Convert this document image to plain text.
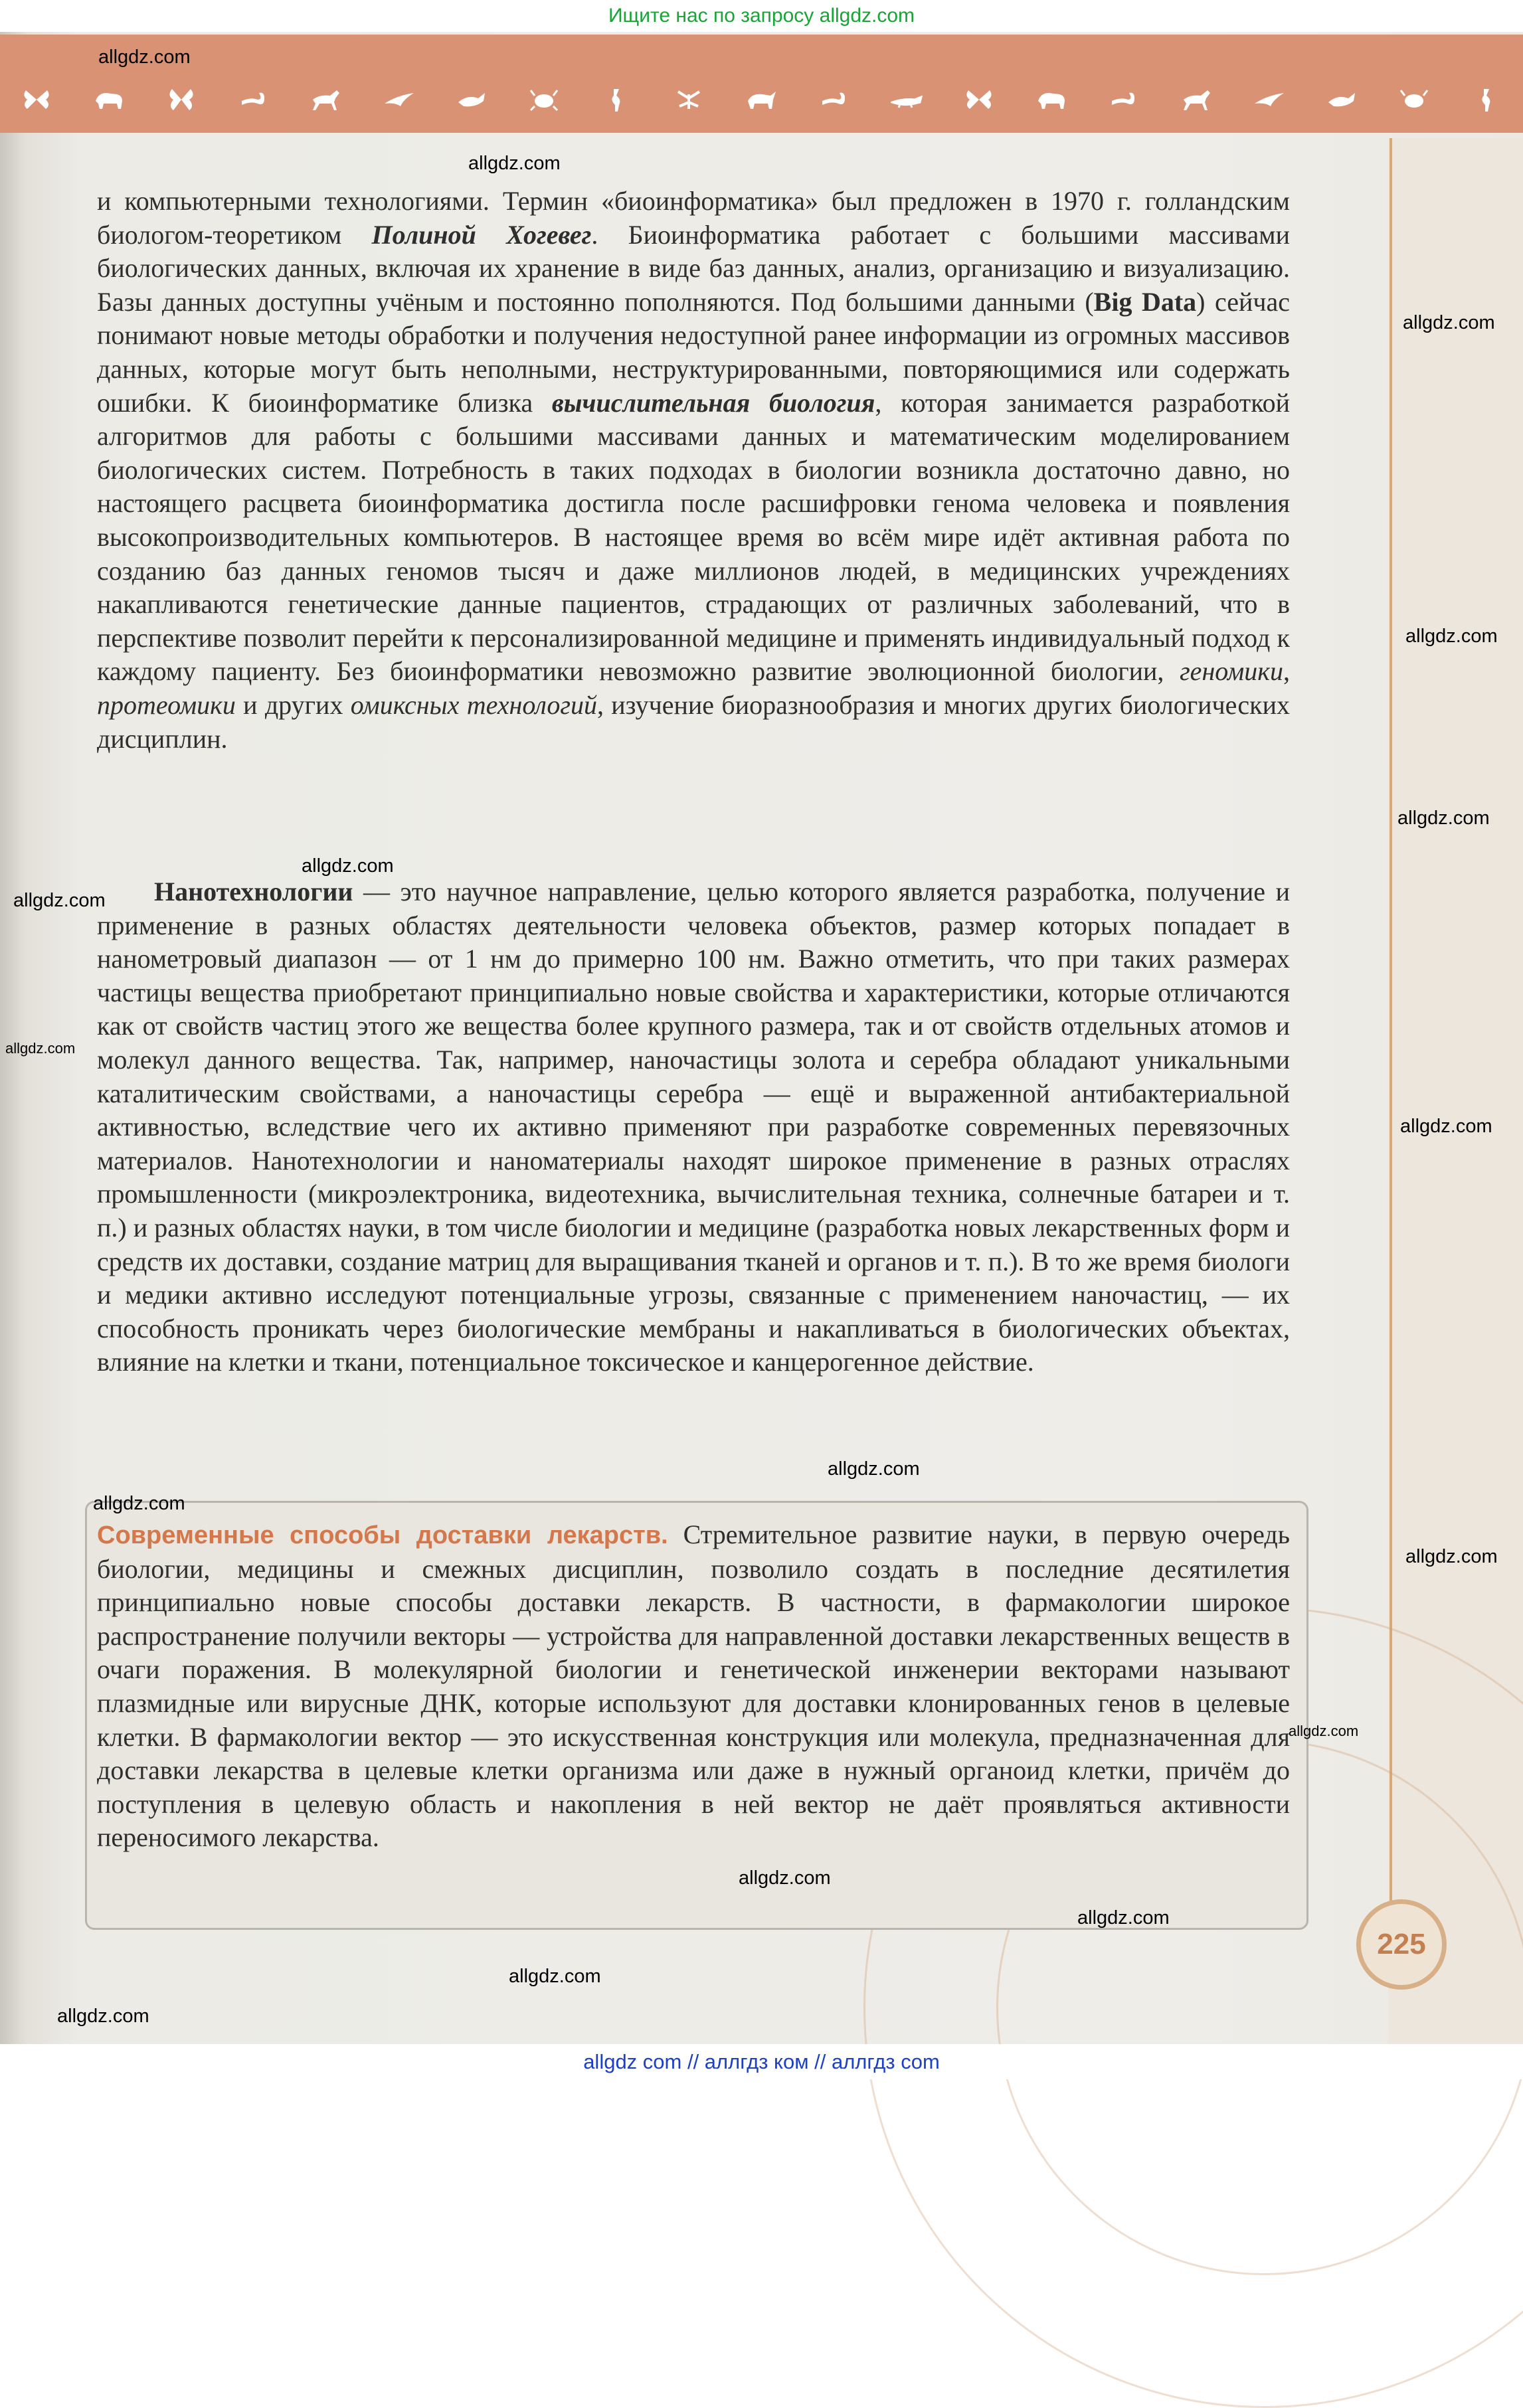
Ищите нас по запросу allgdz.com

и компьютерными технологиями. Термин «биоинформатика» был предложен в 1970 г. голландским биологом-теоретиком Полиной Хогевег. Биоинформатика работает с большими массивами биологических данных, включая их хранение в виде баз данных, анализ, организацию и визуализацию. Базы данных доступны учёным и постоянно пополняются. Под большими данными (Big Data) сейчас понимают новые методы обработки и получения недоступной ранее информации из огромных массивов данных, которые могут быть неполными, неструктурированными, повторяющимися или содержать ошибки. К биоинформатике близка вычислительная биология, которая занимается разработкой алгоритмов для работы с большими массивами данных и математическим моделированием биологических систем. Потребность в таких подходах в биологии возникла достаточно давно, но настоящего расцвета биоинформатика достигла после расшифровки генома человека и появления высокопроизводительных компьютеров. В настоящее время во всём мире идёт активная работа по созданию баз данных геномов тысяч и даже миллионов людей, в медицинских учреждениях накапливаются генетические данные пациентов, страдающих от различных заболеваний, что в перспективе позволит перейти к персонализированной медицине и применять индивидуальный подход к каждому пациенту. Без биоинформатики невозможно развитие эволюционной биологии, геномики, протеомики и других омиксных технологий, изучение биоразнообразия и многих других биологических дисциплин.

Нанотехнологии — это научное направление, целью которого является разработка, получение и применение в разных областях деятельности человека объектов, размер которых попадает в нанометровый диапазон — от 1 нм до примерно 100 нм. Важно отметить, что при таких размерах частицы вещества приобретают принципиально новые свойства и характеристики, которые отличаются как от свойств частиц этого же вещества более крупного размера, так и от свойств отдельных атомов и молекул данного вещества. Так, например, наночастицы золота и серебра обладают уникальными каталитическим свойствами, а наночастицы серебра — ещё и выраженной антибактериальной активностью, вследствие чего их активно применяют при разработке современных перевязочных материалов. Нанотехнологии и наноматериалы находят широкое применение в разных отраслях промышленности (микроэлектроника, видеотехника, вычислительная техника, солнечные батареи и т. п.) и разных областях науки, в том числе биологии и медицине (разработка новых лекарственных форм и средств их доставки, создание матриц для выращивания тканей и органов и т. п.). В то же время биологи и медики активно исследуют потенциальные угрозы, связанные с применением наночастиц, — их способность проникать через биологические мембраны и накапливаться в биологических объектах, влияние на клетки и ткани, потенциальное токсическое и канцерогенное действие.

Современные способы доставки лекарств. Стремительное развитие науки, в первую очередь биологии, медицины и смежных дисциплин, позволило создать в последние десятилетия принципиально новые способы доставки лекарств. В частности, в фармакологии широкое распространение получили векторы — устройства для направленной доставки лекарственных веществ в очаги поражения. В молекулярной биологии и генетической инженерии векторами называют плазмидные или вирусные ДНК, которые используют для доставки клонированных генов в целевые клетки. В фармакологии вектор — это искусственная конструкция или молекула, предназначенная для доставки лекарства в целевые клетки организма или даже в нужный органоид клетки, причём до поступления в целевую область и накопления в ней вектор не даёт проявляться активности переносимого лекарства.

225
allgdz.com
allgdz.com
allgdz.com
allgdz.com
allgdz.com
allgdz.com
allgdz.com
allgdz.com
allgdz.com
allgdz.com
allgdz.com
allgdz.com
allgdz.com
allgdz.com
allgdz.com
allgdz.com
allgdz.com
allgdz com // аллгдз ком // аллгдз com
